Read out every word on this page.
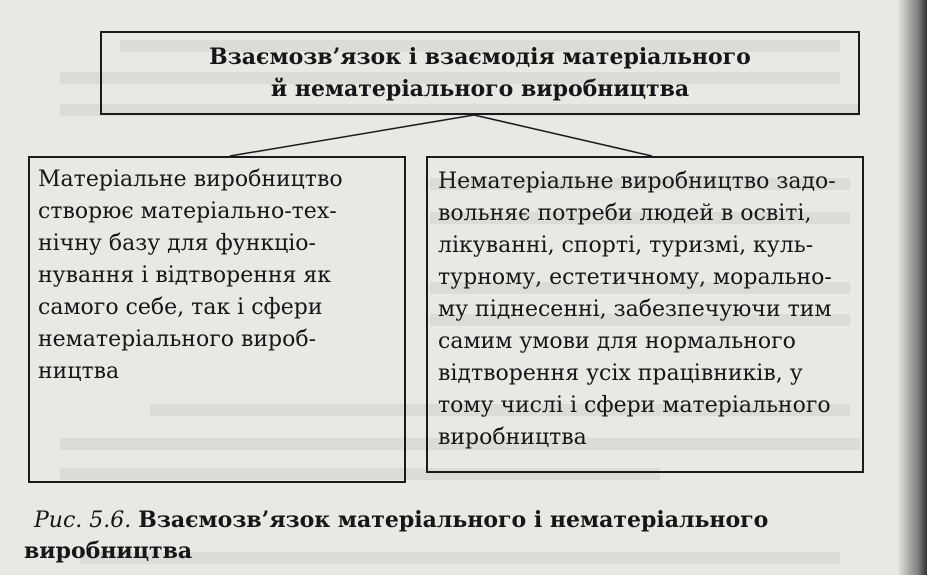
Взаємозв’язок і взаємодія матеріального
й нематеріального виробництва
Матеріальне виробництво
створює матеріально-тех-
нічну базу для функціо-
нування і відтворення як
самого себе, так і сфери
нематеріального вироб-
ництва
Нематеріальне виробництво задо-
вольняє потреби людей в освіті,
лікуванні, спорті, туризмі, куль-
турному, естетичному, морально-
му піднесенні, забезпечуючи тим
самим умови для нормального
відтворення усіх працівників, у
тому числі і сфери матеріального
виробництва
Рис. 5.6. Взаємозв’язок матеріального і нематеріального
виробництва
